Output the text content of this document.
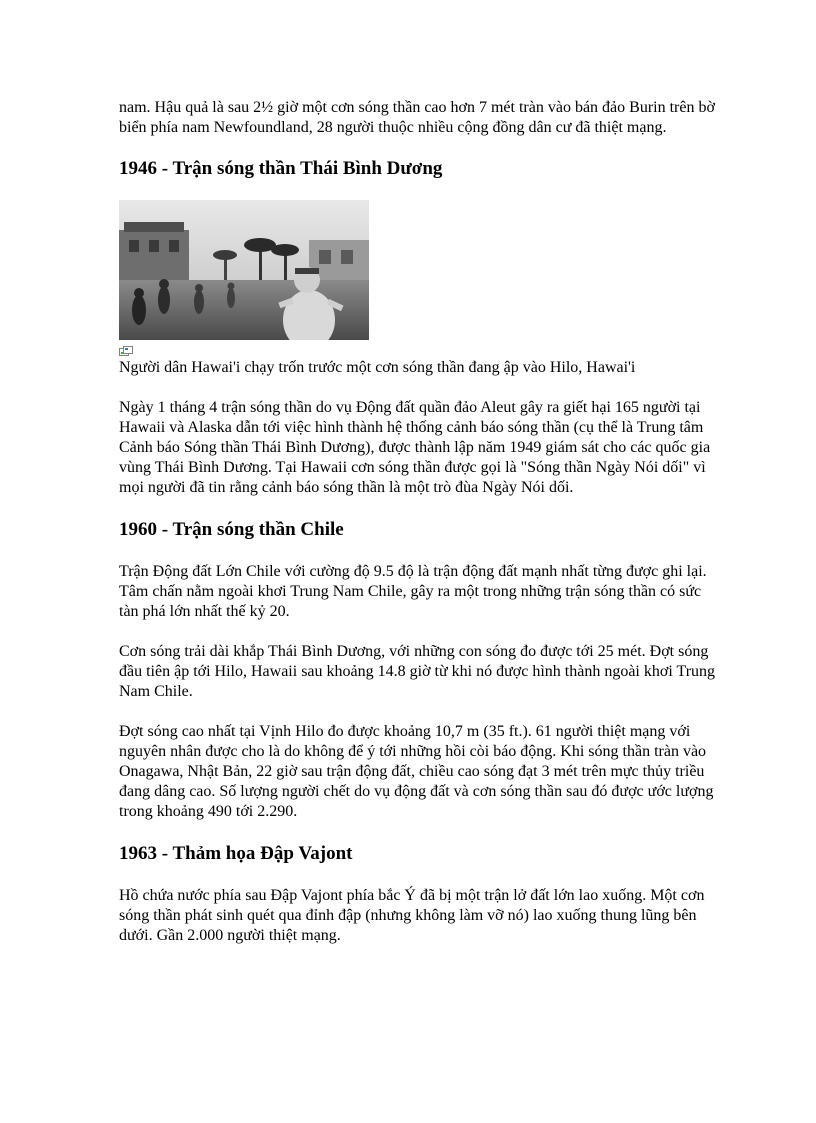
nam. Hậu quả là sau 2½ giờ một cơn sóng thần cao hơn 7 mét tràn vào bán đảo Burin trên bờ biển phía nam Newfoundland, 28 người thuộc nhiều cộng đồng dân cư đã thiệt mạng.

1946 - Trận sóng thần Thái Bình Dương

Người dân Hawai'i chạy trốn trước một cơn sóng thần đang ập vào Hilo, Hawai'i

Ngày 1 tháng 4 trận sóng thần do vụ Động đất quần đảo Aleut gây ra giết hại 165 người tại Hawaii và Alaska dẫn tới việc hình thành hệ thống cảnh báo sóng thần (cụ thể là Trung tâm Cảnh báo Sóng thần Thái Bình Dương), được thành lập năm 1949 giám sát cho các quốc gia vùng Thái Bình Dương. Tại Hawaii cơn sóng thần được gọi là "Sóng thần Ngày Nói dối" vì mọi người đã tin rằng cảnh báo sóng thần là một trò đùa Ngày Nói dối.

1960 - Trận sóng thần Chile

Trận Động đất Lớn Chile với cường độ 9.5 độ là trận động đất mạnh nhất từng được ghi lại. Tâm chấn nằm ngoài khơi Trung Nam Chile, gây ra một trong những trận sóng thần có sức tàn phá lớn nhất thế kỷ 20.

Cơn sóng trải dài khắp Thái Bình Dương, với những con sóng đo được tới 25 mét. Đợt sóng đầu tiên ập tới Hilo, Hawaii sau khoảng 14.8 giờ từ khi nó được hình thành ngoài khơi Trung Nam Chile.

Đợt sóng cao nhất tại Vịnh Hilo đo được khoảng 10,7 m (35 ft.). 61 người thiệt mạng với nguyên nhân được cho là do không để ý tới những hồi còi báo động. Khi sóng thần tràn vào Onagawa, Nhật Bản, 22 giờ sau trận động đất, chiều cao sóng đạt 3 mét trên mực thủy triều đang dâng cao. Số lượng người chết do vụ động đất và cơn sóng thần sau đó được ước lượng trong khoảng 490 tới 2.290.

1963 - Thảm họa Đập Vajont

Hồ chứa nước phía sau Đập Vajont phía bắc Ý đã bị một trận lở đất lớn lao xuống. Một cơn sóng thần phát sinh quét qua đỉnh đập (nhưng không làm vỡ nó) lao xuống thung lũng bên dưới. Gần 2.000 người thiệt mạng.
